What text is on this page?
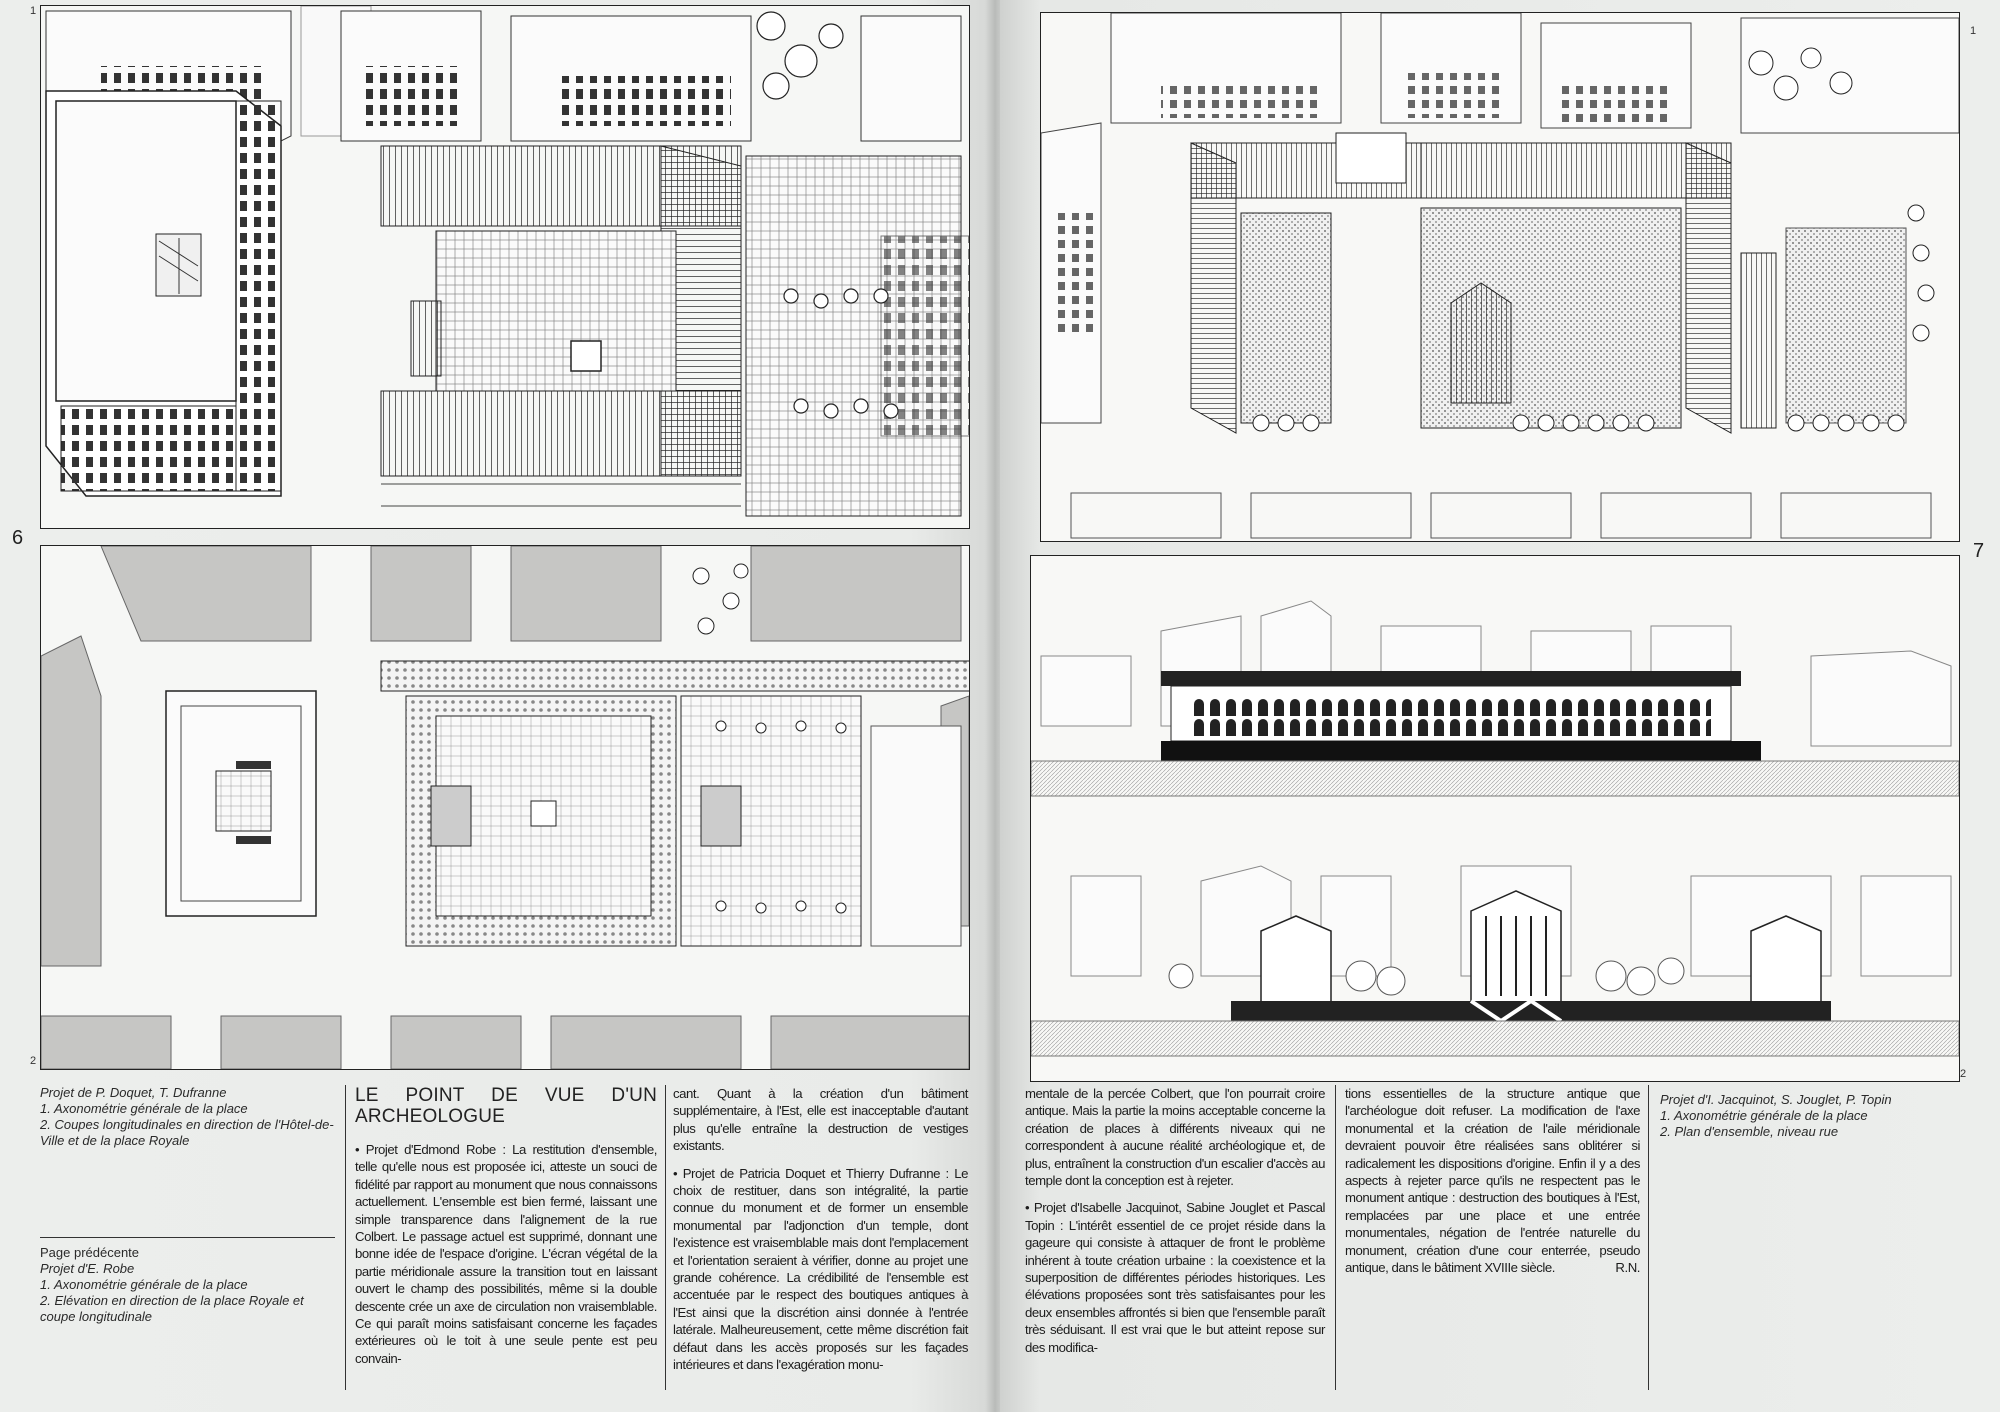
1
6
2

Projet de P. Doquet, T. Dufranne

1. Axonométrie générale de la place

2. Coupes longitudinales en direction de l'Hôtel-de-Ville et de la place Royale

Page prédécente

Projet d'E. Robe

1. Axonométrie générale de la place

2. Elévation en direction de la place Royale et coupe longitudinale

LE POINT DE VUE D'UN ARCHEOLOGUE

• Projet d'Edmond Robe : La restitution d'ensemble, telle qu'elle nous est proposée ici, atteste un souci de fidélité par rapport au monument que nous connaissons actuellement. L'ensemble est bien fermé, laissant une simple transparence dans l'alignement de la rue Colbert. Le passage actuel est supprimé, donnant une bonne idée de l'espace d'origine. L'écran végétal de la partie méridionale assure la transition tout en laissant ouvert le champ des possibilités, même si la double descente crée un axe de circulation non vraisemblable. Ce qui paraît moins satisfaisant concerne les façades extérieures où le toit à une seule pente est peu convain-

cant. Quant à la création d'un bâtiment supplémentaire, à l'Est, elle est inacceptable d'autant plus qu'elle entraîne la destruction de vestiges existants.

• Projet de Patricia Doquet et Thierry Dufranne : Le choix de restituer, dans son intégralité, la partie connue du monument et de former un ensemble monumental par l'adjonction d'un temple, dont l'existence est vraisemblable mais dont l'emplacement et l'orientation seraient à vérifier, donne au projet une grande cohérence. La crédibilité de l'ensemble est accentuée par le respect des boutiques antiques à l'Est ainsi que la discrétion ainsi donnée à l'entrée latérale. Malheureusement, cette même discrétion fait défaut dans les accès proposés sur les façades intérieures et dans l'exagération monu-

1
7
2

mentale de la percée Colbert, que l'on pourrait croire antique. Mais la partie la moins acceptable concerne la création de places à différents niveaux qui ne correspondent à aucune réalité archéologique et, de plus, entraînent la construction d'un escalier d'accès au temple dont la conception est à rejeter.

• Projet d'Isabelle Jacquinot, Sabine Jouglet et Pascal Topin : L'intérêt essentiel de ce projet réside dans la gageure qui consiste à attaquer de front le problème inhérent à toute création urbaine : la coexistence et la superposition de différentes périodes historiques. Les élévations proposées sont très satisfaisantes pour les deux ensembles affrontés si bien que l'ensemble paraît très séduisant. Il est vrai que le but atteint repose sur des modifica-

tions essentielles de la structure antique que l'archéologue doit refuser. La modification de l'axe monumental et la création de l'aile méridionale devraient pouvoir être réalisées sans oblitérer si radicalement les dispositions d'origine. Enfin il y a des aspects à rejeter parce qu'ils ne respectent pas le monument antique : destruction des boutiques à l'Est, remplacées par une place et une entrée monumentales, négation de l'entrée naturelle du monument, création d'une cour enterrée, pseudo antique, dans le bâtiment XVIIIe siècle.	R.N.

Projet d'I. Jacquinot, S. Jouglet, P. Topin

1. Axonométrie générale de la place

2. Plan d'ensemble, niveau rue
